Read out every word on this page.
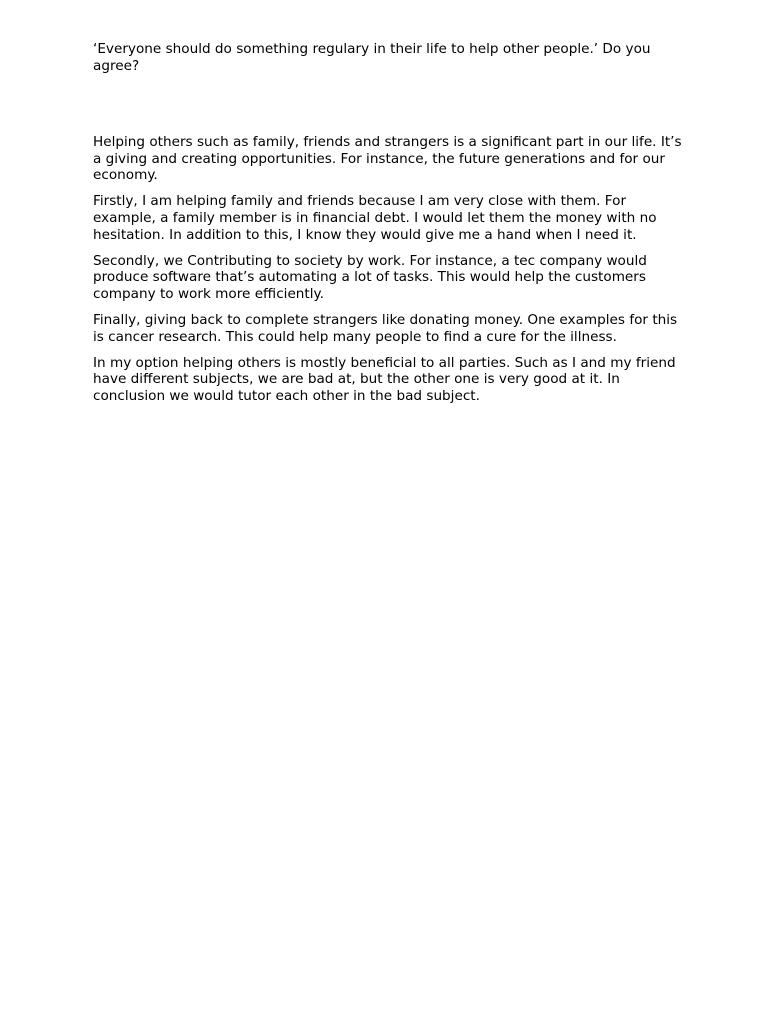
‘Everyone should do something regulary in their life to help other people.’ Do you agree?

Helping others such as family, friends and strangers is a significant part in our life. It’s a giving and creating opportunities. For instance, the future generations and for our economy.

Firstly, I am helping family and friends because I am very close with them. For example, a family member is in financial debt. I would let them the money with no hesitation. In addition to this, I know they would give me a hand when I need it.

Secondly, we Contributing to society by work. For instance, a tec company would produce software that’s automating a lot of tasks. This would help the customers company to work more efficiently.

Finally, giving back to complete strangers like donating money. One examples for this is cancer research. This could help many people to find a cure for the illness.

In my option helping others is mostly beneficial to all parties. Such as I and my friend have different subjects, we are bad at, but the other one is very good at it. In conclusion we would tutor each other in the bad subject.
